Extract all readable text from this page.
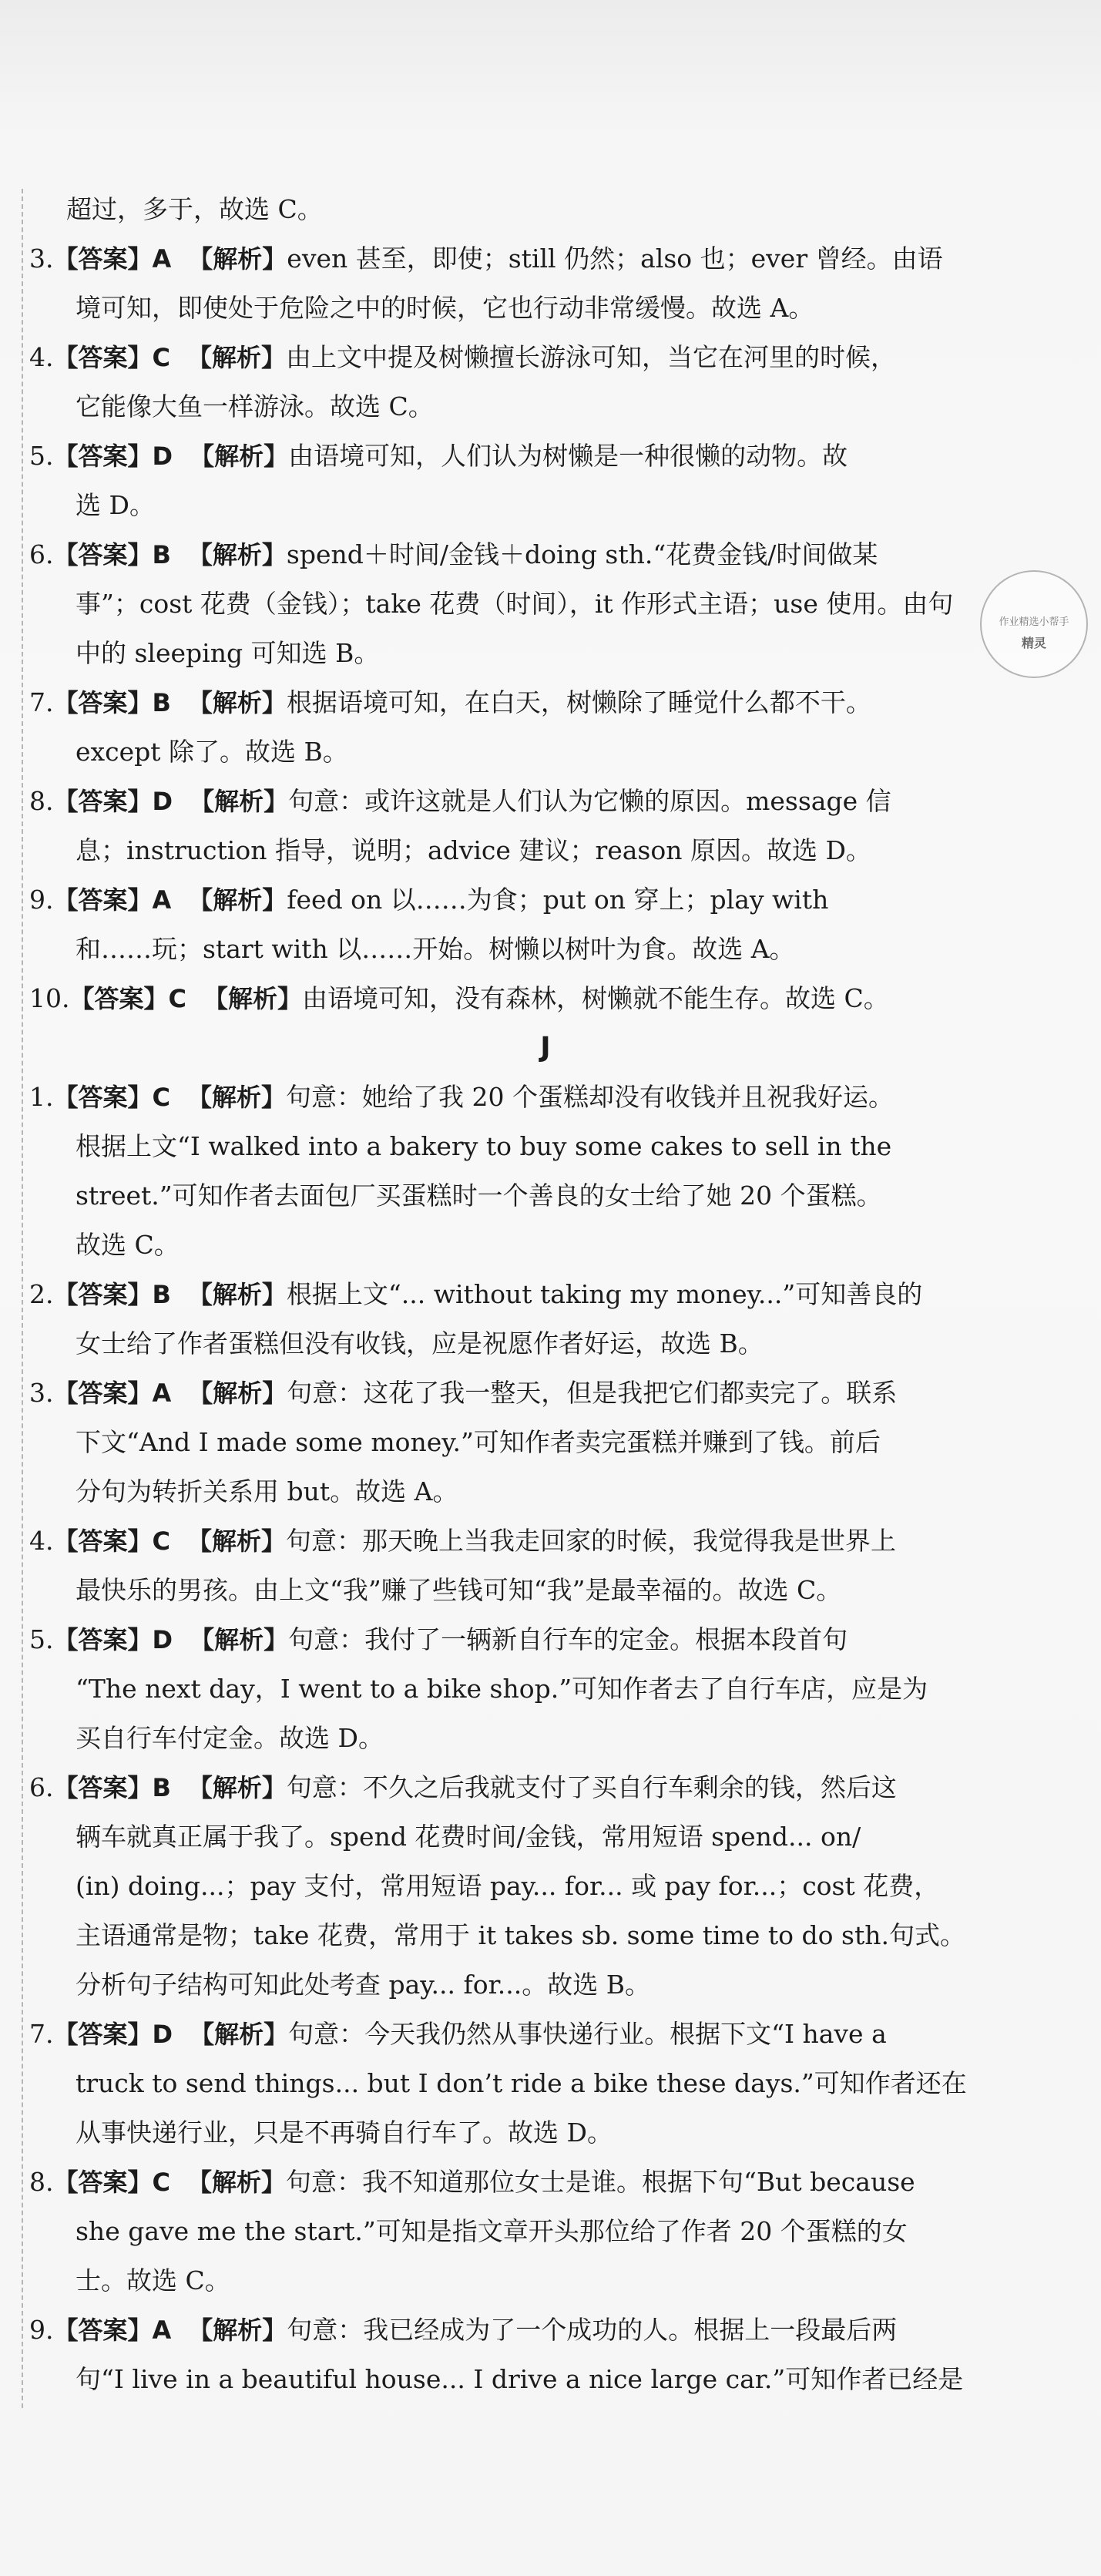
作业精选小帮手
精灵
超过，多于，故选 C。
3.【答案】A 【解析】even 甚至，即使；still 仍然；also 也；ever 曾经。由语
境可知，即使处于危险之中的时候，它也行动非常缓慢。故选 A。
4.【答案】C 【解析】由上文中提及树懒擅长游泳可知，当它在河里的时候，
它能像大鱼一样游泳。故选 C。
5.【答案】D 【解析】由语境可知，人们认为树懒是一种很懒的动物。故
选 D。
6.【答案】B 【解析】spend＋时间/金钱＋doing sth.“花费金钱/时间做某
事”；cost 花费（金钱）；take 花费（时间），it 作形式主语；use 使用。由句
中的 sleeping 可知选 B。
7.【答案】B 【解析】根据语境可知，在白天，树懒除了睡觉什么都不干。
except 除了。故选 B。
8.【答案】D 【解析】句意：或许这就是人们认为它懒的原因。message 信
息；instruction 指导，说明；advice 建议；reason 原因。故选 D。
9.【答案】A 【解析】feed on 以……为食；put on 穿上；play with
和……玩；start with 以……开始。树懒以树叶为食。故选 A。
10.【答案】C 【解析】由语境可知，没有森林，树懒就不能生存。故选 C。

J

1.【答案】C 【解析】句意：她给了我 20 个蛋糕却没有收钱并且祝我好运。
根据上文“I walked into a bakery to buy some cakes to sell in the
street.”可知作者去面包厂买蛋糕时一个善良的女士给了她 20 个蛋糕。
故选 C。
2.【答案】B 【解析】根据上文“... without taking my money...”可知善良的
女士给了作者蛋糕但没有收钱，应是祝愿作者好运，故选 B。
3.【答案】A 【解析】句意：这花了我一整天，但是我把它们都卖完了。联系
下文“And I made some money.”可知作者卖完蛋糕并赚到了钱。前后
分句为转折关系用 but。故选 A。
4.【答案】C 【解析】句意：那天晚上当我走回家的时候，我觉得我是世界上
最快乐的男孩。由上文“我”赚了些钱可知“我”是最幸福的。故选 C。
5.【答案】D 【解析】句意：我付了一辆新自行车的定金。根据本段首句
“The next day，I went to a bike shop.”可知作者去了自行车店，应是为
买自行车付定金。故选 D。
6.【答案】B 【解析】句意：不久之后我就支付了买自行车剩余的钱，然后这
辆车就真正属于我了。spend 花费时间/金钱，常用短语 spend... on/
(in) doing...；pay 支付，常用短语 pay... for... 或 pay for...；cost 花费，
主语通常是物；take 花费，常用于 it takes sb. some time to do sth.句式。
分析句子结构可知此处考查 pay... for...。故选 B。
7.【答案】D 【解析】句意：今天我仍然从事快递行业。根据下文“I have a
truck to send things... but I don’t ride a bike these days.”可知作者还在
从事快递行业，只是不再骑自行车了。故选 D。
8.【答案】C 【解析】句意：我不知道那位女士是谁。根据下句“But because
she gave me the start.”可知是指文章开头那位给了作者 20 个蛋糕的女
士。故选 C。
9.【答案】A 【解析】句意：我已经成为了一个成功的人。根据上一段最后两
句“I live in a beautiful house... I drive a nice large car.”可知作者已经是
